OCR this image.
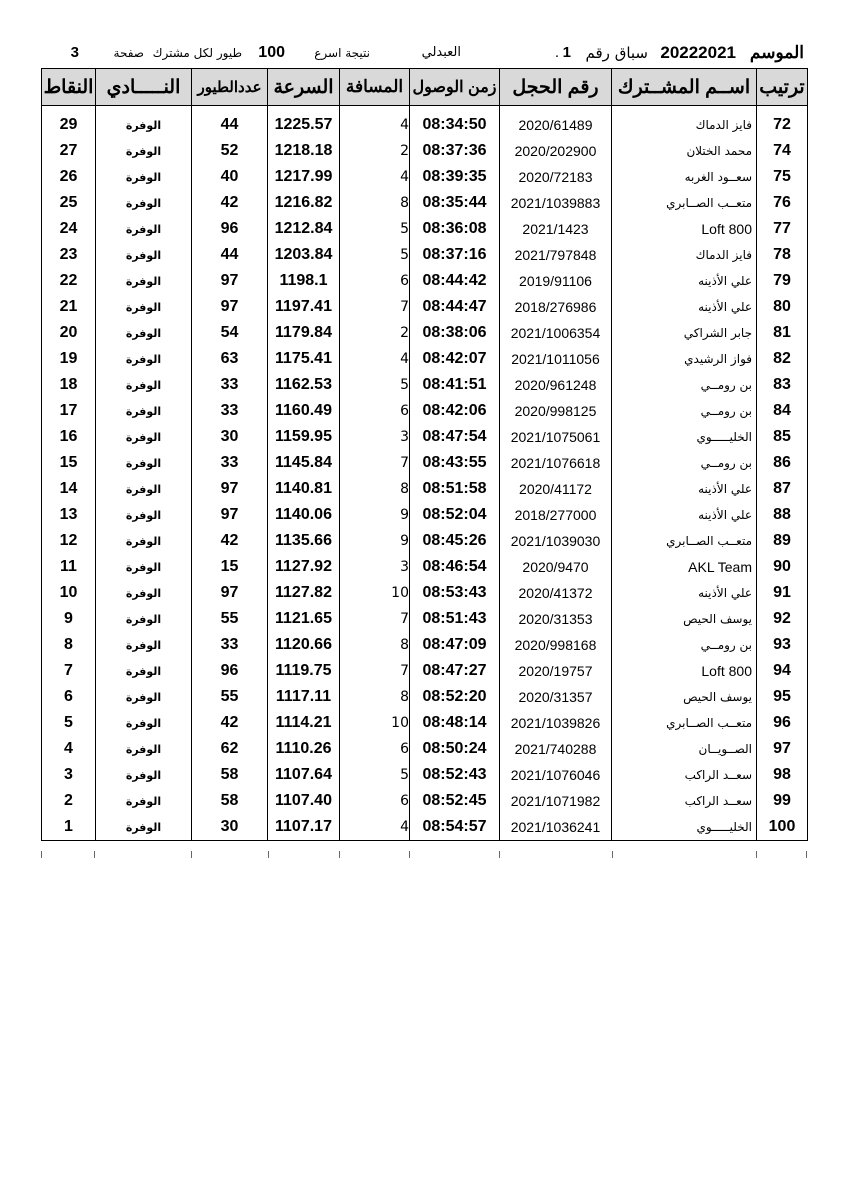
الموسم
20222021
سباق رقم
1
.
العبدلي
نتيجة اسرع
100
طيور لكل مشترك
صفحة
3
ترتيب	اســم المشــترك	رقم الحجل	زمن الوصول	المسافة	السرعة	عددالطيور	النـــــادي	النقاط

72	فايز الدماك	2020/61489	08:34:50	4	1225.57	44	الوفرة	29
74	محمد الختلان	2020/202900	08:37:36	2	1218.18	52	الوفرة	27
75	سعــود الغربه	2020/72183	08:39:35	4	1217.99	40	الوفرة	26
76	متعــب الصــابري	2021/1039883	08:35:44	8	1216.82	42	الوفرة	25
77	Loft 800	2021/1423	08:36:08	5	1212.84	96	الوفرة	24
78	فايز الدماك	2021/797848	08:37:16	5	1203.84	44	الوفرة	23
79	علي الأذينه	2019/91106	08:44:42	6	1198.1	97	الوفرة	22
80	علي الأذينه	2018/276986	08:44:47	7	1197.41	97	الوفرة	21
81	جابر الشراكي	2021/1006354	08:38:06	2	1179.84	54	الوفرة	20
82	فواز الرشيدي	2021/1011056	08:42:07	4	1175.41	63	الوفرة	19
83	بن رومــي	2020/961248	08:41:51	5	1162.53	33	الوفرة	18
84	بن رومــي	2020/998125	08:42:06	6	1160.49	33	الوفرة	17
85	الخليـــــوي	2021/1075061	08:47:54	3	1159.95	30	الوفرة	16
86	بن رومــي	2021/1076618	08:43:55	7	1145.84	33	الوفرة	15
87	علي الأذينه	2020/41172	08:51:58	8	1140.81	97	الوفرة	14
88	علي الأذينه	2018/277000	08:52:04	9	1140.06	97	الوفرة	13
89	متعــب الصــابري	2021/1039030	08:45:26	9	1135.66	42	الوفرة	12
90	AKL Team	2020/9470	08:46:54	3	1127.92	15	الوفرة	11
91	علي الأذينه	2020/41372	08:53:43	10	1127.82	97	الوفرة	10
92	يوسف الحيص	2020/31353	08:51:43	7	1121.65	55	الوفرة	9
93	بن رومــي	2020/998168	08:47:09	8	1120.66	33	الوفرة	8
94	Loft 800	2020/19757	08:47:27	7	1119.75	96	الوفرة	7
95	يوسف الحيص	2020/31357	08:52:20	8	1117.11	55	الوفرة	6
96	متعــب الصــابري	2021/1039826	08:48:14	10	1114.21	42	الوفرة	5
97	الصــويــان	2021/740288	08:50:24	6	1110.26	62	الوفرة	4
98	سعــد الراكب	2021/1076046	08:52:43	5	1107.64	58	الوفرة	3
99	سعــد الراكب	2021/1071982	08:52:45	6	1107.40	58	الوفرة	2
100	الخليـــــوي	2021/1036241	08:54:57	4	1107.17	30	الوفرة	1
